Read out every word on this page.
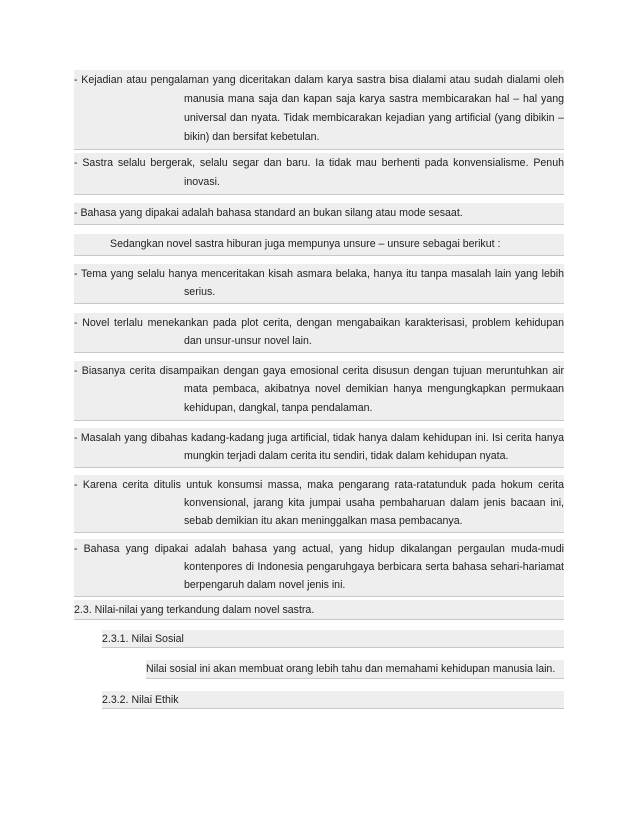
- Kejadian atau pengalaman yang diceritakan dalam karya sastra bisa dialami atau sudah dialami oleh
manusia mana saja dan kapan saja karya sastra membicarakan hal – hal yang
universal dan nyata. Tidak membicarakan kejadian yang artificial (yang dibikin –
bikin) dan bersifat kebetulan.
- Sastra selalu bergerak, selalu segar dan baru. Ia tidak mau berhenti pada konvensialisme. Penuh
inovasi.
- Bahasa yang dipakai adalah bahasa standard an bukan silang atau mode sesaat.
Sedangkan novel sastra hiburan juga mempunya unsure – unsure sebagai berikut :
- Tema yang selalu hanya menceritakan kisah asmara belaka, hanya itu tanpa masalah lain yang lebih
serius.
- Novel terlalu menekankan pada plot cerita, dengan mengabaikan karakterisasi, problem kehidupan
dan unsur-unsur novel lain.
- Biasanya cerita disampaikan dengan gaya emosional cerita disusun dengan tujuan meruntuhkan air
mata pembaca, akibatnya novel demikian hanya mengungkapkan permukaan
kehidupan, dangkal, tanpa pendalaman.
- Masalah yang dibahas kadang-kadang juga artificial, tidak hanya dalam kehidupan ini. Isi cerita hanya
mungkin terjadi dalam cerita itu sendiri, tidak dalam kehidupan nyata.
- Karena cerita ditulis untuk konsumsi massa, maka pengarang rata-ratatunduk pada hokum cerita
konvensional, jarang kita jumpai usaha pembaharuan dalam jenis bacaan ini,
sebab demikian itu akan meninggalkan masa pembacanya.
- Bahasa yang dipakai adalah bahasa yang actual, yang hidup dikalangan pergaulan muda-mudi
kontenpores di Indonesia pengaruhgaya berbicara serta bahasa sehari-hariamat
berpengaruh dalam novel jenis ini.
2.3. Nilai-nilai yang terkandung dalam novel sastra.
2.3.1. Nilai Sosial
Nilai sosial ini akan membuat orang lebih tahu dan memahami kehidupan manusia lain.
2.3.2. Nilai Ethik
